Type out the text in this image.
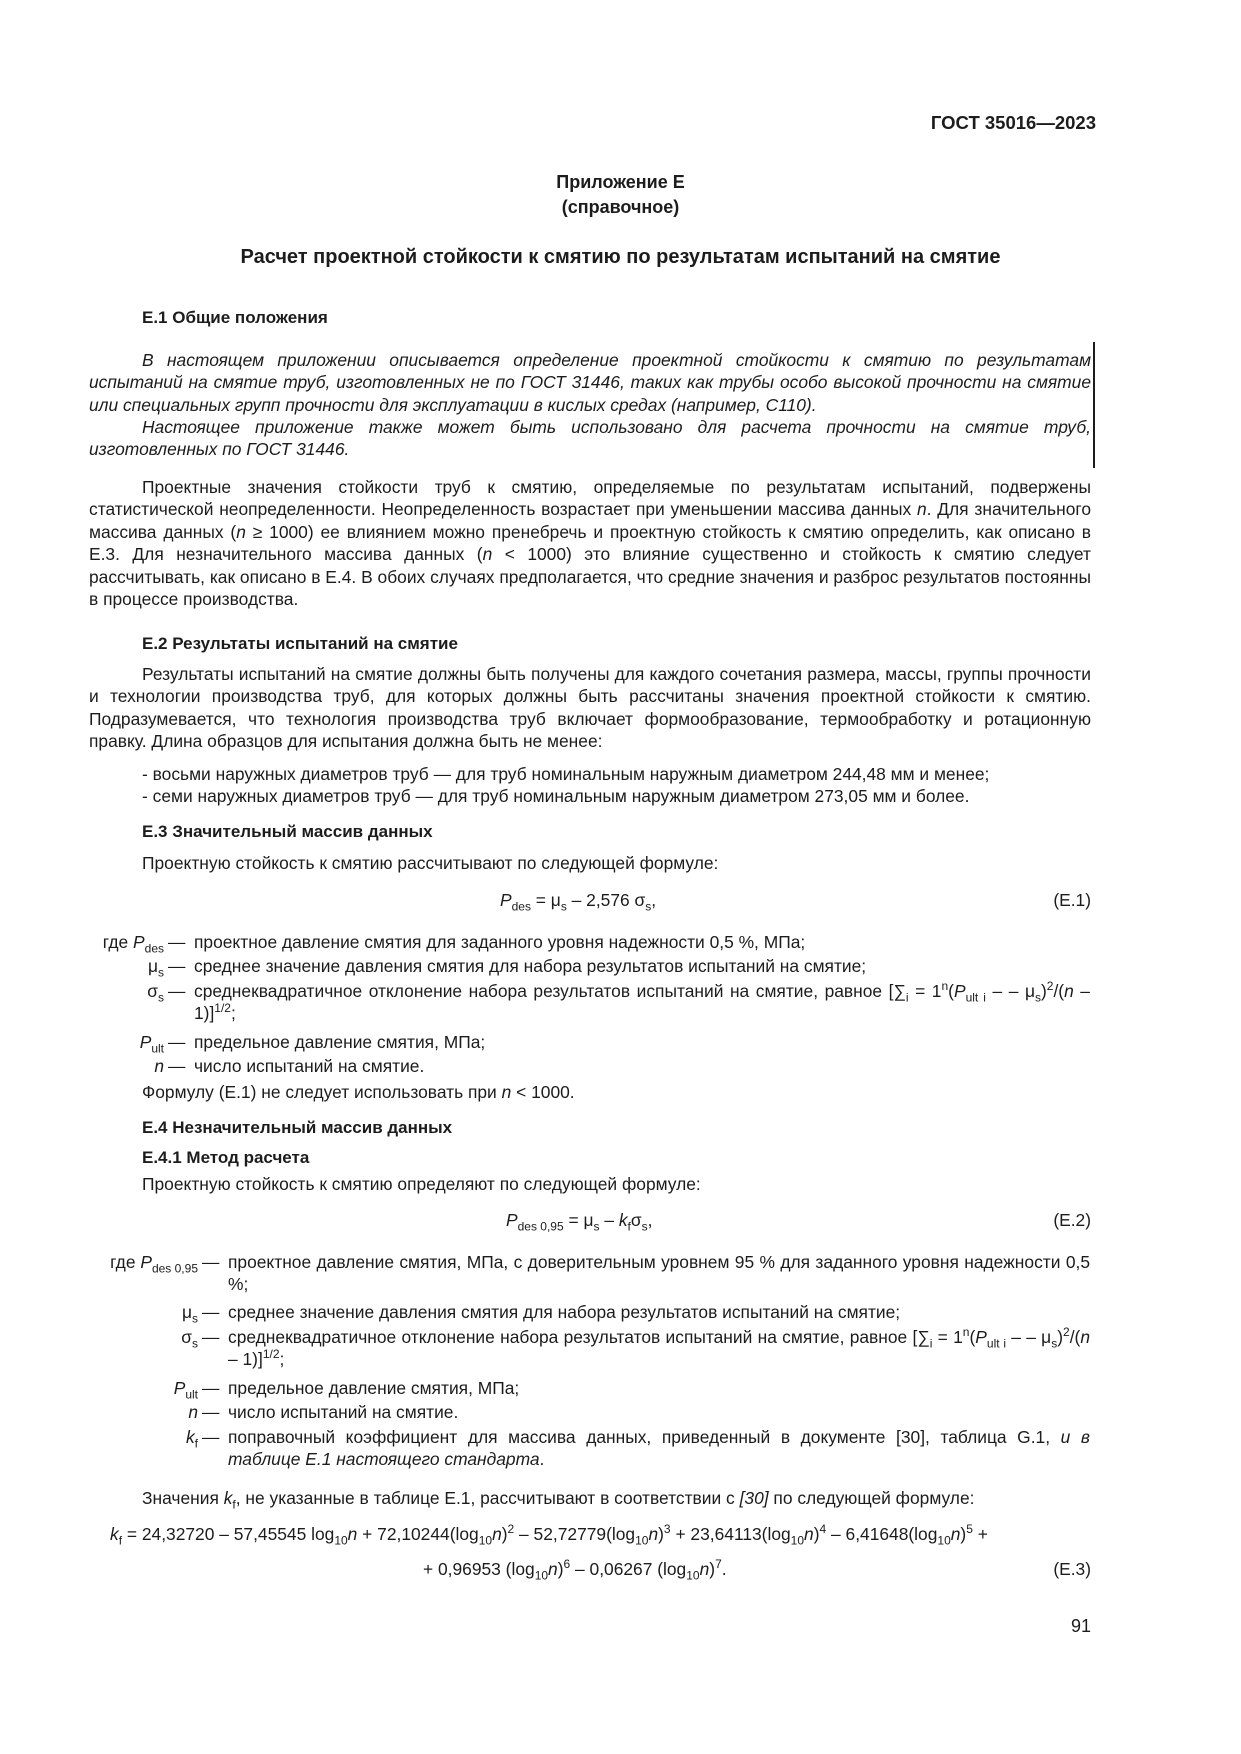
ГОСТ 35016—2023
Приложение Е
(справочное)
Расчет проектной стойкости к смятию по результатам испытаний на смятие
Е.1 Общие положения
В настоящем приложении описывается определение проектной стойкости к смятию по результатам испытаний на смятие труб, изготовленных не по ГОСТ 31446, таких как трубы особо высокой прочности на смятие или специальных групп прочности для эксплуатации в кислых средах (например, С110).
Настоящее приложение также может быть использовано для расчета прочности на смятие труб, изготовленных по ГОСТ 31446.
Проектные значения стойкости труб к смятию, определяемые по результатам испытаний, подвержены статистической неопределенности. Неопределенность возрастает при уменьшении массива данных n. Для значительного массива данных (n ≥ 1000) ее влиянием можно пренебречь и проектную стойкость к смятию определить, как описано в Е.3. Для незначительного массива данных (n < 1000) это влияние существенно и стойкость к смятию следует рассчитывать, как описано в Е.4. В обоих случаях предполагается, что средние значения и разброс результатов постоянны в процессе производства.
Е.2 Результаты испытаний на смятие
Результаты испытаний на смятие должны быть получены для каждого сочетания размера, массы, группы прочности и технологии производства труб, для которых должны быть рассчитаны значения проектной стойкости к смятию. Подразумевается, что технология производства труб включает формообразование, термообработку и ротационную правку. Длина образцов для испытания должна быть не менее:
- восьми наружных диаметров труб — для труб номинальным наружным диаметром 244,48 мм и менее;
- семи наружных диаметров труб — для труб номинальным наружным диаметром 273,05 мм и более.
Е.3 Значительный массив данных
Проектную стойкость к смятию рассчитывают по следующей формуле:
$P_{des} = \mu_s - 2,576$ $\sigma_s$,	(Е.1)
где $P_{des}$ — проектное давление смятия для заданного уровня надежности 0,5 %, МПа;
$\mu_s$ — среднее значение давления смятия для набора результатов испытаний на смятие;
$\sigma_s$ — среднеквадратичное отклонение набора результатов испытаний на смятие, равное [$\sum_i = 1^n(P_{ult i}$ – – $\mu_s)^2/(n - 1)]^{1/2}$;
$P_{ult}$ — предельное давление смятия, МПа;
n — число испытаний на смятие.
Формулу (Е.1) не следует использовать при n < 1000.
Е.4 Незначительный массив данных
Е.4.1 Метод расчета
Проектную стойкость к смятию определяют по следующей формуле:
$P_{des 0,95} = \mu_s - k_f\sigma_s$,	(Е.2)
где $P_{des 0,95}$ — проектное давление смятия, МПа, с доверительным уровнем 95 % для заданного уровня надежности 0,5 %;
$\mu_s$ — среднее значение давления смятия для набора результатов испытаний на смятие;
$\sigma_s$ — среднеквадратичное отклонение набора результатов испытаний на смятие, равное [$\sum_i = 1^n(P_{ult i}$ – – $\mu_s)^2/(n - 1)]^{1/2}$;
$P_{ult}$ — предельное давление смятия, МПа;
n — число испытаний на смятие.
$k_f$ — поправочный коэффициент для массива данных, приведенный в документе [30], таблица G.1, и в таблице Е.1 настоящего стандарта.
Значения $k_f$, не указанные в таблице Е.1, рассчитывают в соответствии с [30] по следующей формуле:
$k_f = 24,32720 - 57,45545$ $\log_{10}n + 72,10244(\log_{10}n)^2 - 52,72779(\log_{10}n)^3 + 23,64113(\log_{10}n)^4 - 6,41648(\log_{10}n)^5$ +
+ 0,96953 $(\log_{10}n)^6 - 0,06267$ $(\log_{10}n)^7$.	(Е.3)
91
